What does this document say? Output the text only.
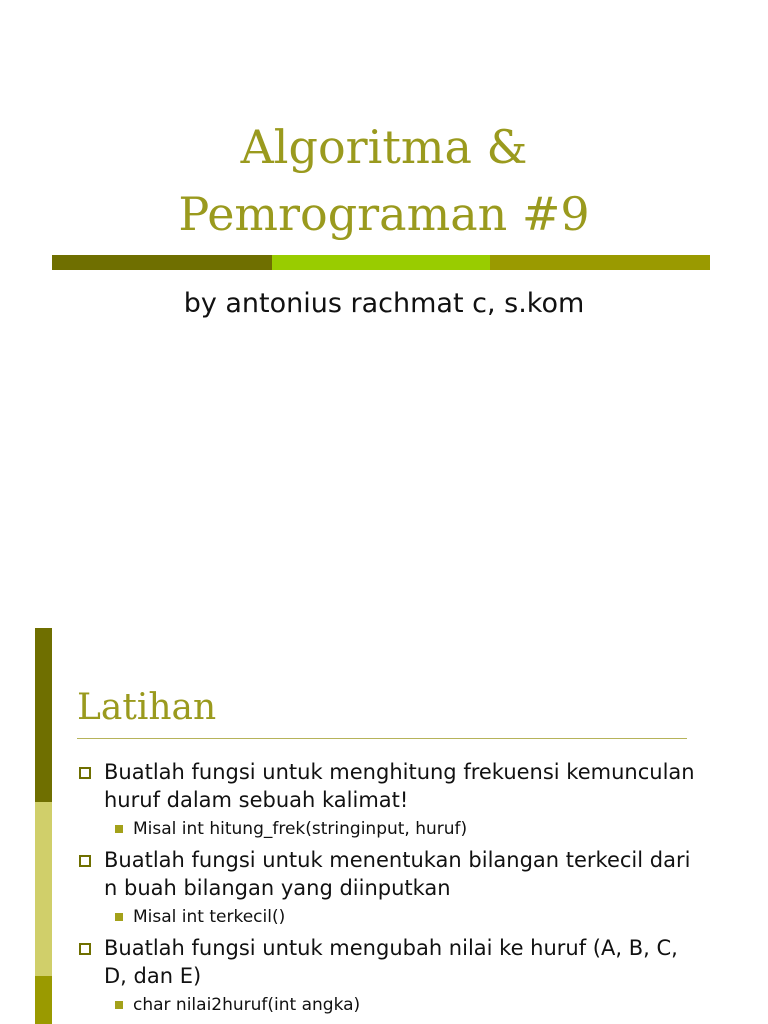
Algoritma &
Pemrograman #9

by antonius rachmat c, s.kom

Latihan
Buatlah fungsi untuk menghitung frekuensi kemunculan huruf dalam sebuah kalimat!
Misal int hitung_frek(stringinput, huruf)
Buatlah fungsi untuk menentukan bilangan terkecil dari n buah bilangan yang diinputkan
Misal int terkecil()
Buatlah fungsi untuk mengubah nilai ke huruf (A, B, C, D, dan E)
char nilai2huruf(int angka)
